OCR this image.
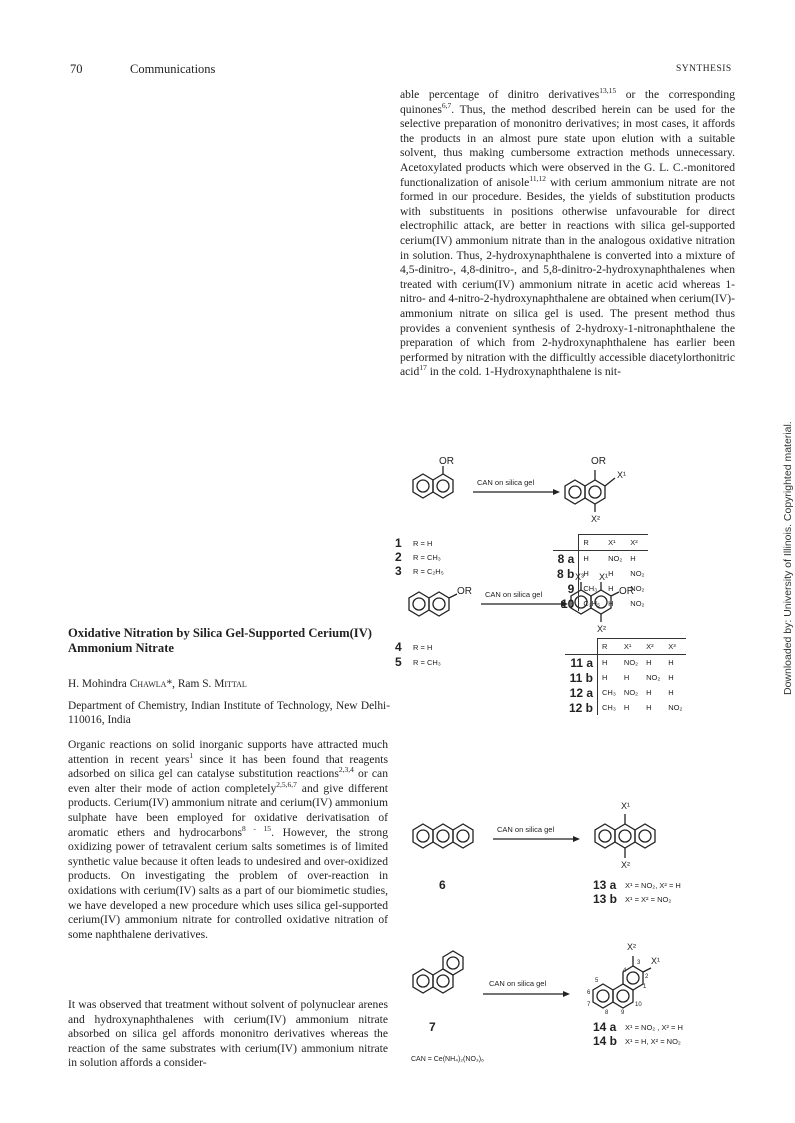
70	Communications	SYNTHESIS

able percentage of dinitro derivatives$^{13,15}$ or the corresponding quinones$^{6,7}$. Thus, the method described herein can be used for the selective preparation of mononitro derivatives; in most cases, it affords the products in an almost pure state upon elution with a suitable solvent, thus making cumbersome extraction methods unnecessary. Acetoxylated products which were observed in the G. L. C.-monitored functionalization of anisole$^{11,12}$ with cerium ammonium nitrate are not formed in our procedure. Besides, the yields of substitution products with substituents in positions otherwise unfavourable for direct electrophilic attack, are better in reactions with silica gel-supported cerium(IV) ammonium nitrate than in the analogous oxidative nitration in solution. Thus, 2-hydroxynaphthalene is converted into a mixture of 4,5-dinitro-, 4,8-dinitro-, and 5,8-dinitro-2-hydroxynaphthalenes when treated with cerium(IV) ammonium nitrate in acetic acid whereas 1-nitro- and 4-nitro-2-hydroxynaphthalene are obtained when cerium(IV)-ammonium nitrate on silica gel is used. The present method thus provides a convenient synthesis of 2-hydroxy-1-nitronaphthalene the preparation of which from 2-hydroxynaphthalene has earlier been performed by nitration with the difficultly accessible diacetylorthonitric acid$^{17}$ in the cold. 1-Hydroxynaphthalene is nit-

Oxidative Nitration by Silica Gel-Supported Cerium(IV) Ammonium Nitrate
H. Mohindra Chawla*, Ram S. Mittal
Department of Chemistry, Indian Institute of Technology, New Delhi-110016, India
Organic reactions on solid inorganic supports have attracted much attention in recent years$^1$ since it has been found that reagents adsorbed on silica gel can catalyse substitution reactions$^{2,3,4}$ or can even alter their mode of action completely$^{2,5,6,7}$ and give different products. Cerium(IV) ammonium nitrate and cerium(IV) ammonium sulphate have been employed for oxidative derivatisation of aromatic ethers and hydrocarbons$^{8 - 15}$. However, the strong oxidizing power of tetravalent cerium salts sometimes is of limited synthetic value because it often leads to undesired and over-oxidized products. On investigating the problem of over-reaction in oxidations with cerium(IV) salts as a part of our biomimetic studies, we have developed a new procedure which uses silica gel-supported cerium(IV) ammonium nitrate for controlled oxidative nitration of some naphthalene derivatives.
It was observed that treatment without solvent of polynuclear arenes and hydroxynaphthalenes with cerium(IV) ammonium nitrate absorbed on silica gel affords mononitro derivatives whereas the reaction of the same substrates with cerium(IV) ammonium nitrate in solution affords a consider-
Downloaded by: University of Illinois. Copyrighted material.
OR
CAN on silica gel
OR
X¹
X²
1 R = H
2 R = CH₃
3 R = C₂H₅
	R	X¹	X²
8 a	H	NO₂	H
8 b	H	H	NO₂
9	CH₃	H	NO₂
10	C₂H₅	H	NO₂
OR CAN on silica gel
X³ X¹
OR
X²
4 R = H
5 R = CH₃
	R	X¹	X²	X³
11 a	H	NO₂	H	H
11 b	H	H	NO₂	H
12 a	CH₃	NO₂	H	H
12 b	CH₃	H	H	NO₂
CAN on silica gel
X¹
X²
6	13 a X¹ = NO₂, X² = H
13 b X¹ = X² = NO₂
CAN on silica gel
X²
X¹
3
2
1
4
5
6
7
8 9
10
7	14 a X¹ = NO₂ , X² = H
14 b X¹ = H, X² = NO₂
CAN = Ce(NH₄)₂(NO₃)₆
